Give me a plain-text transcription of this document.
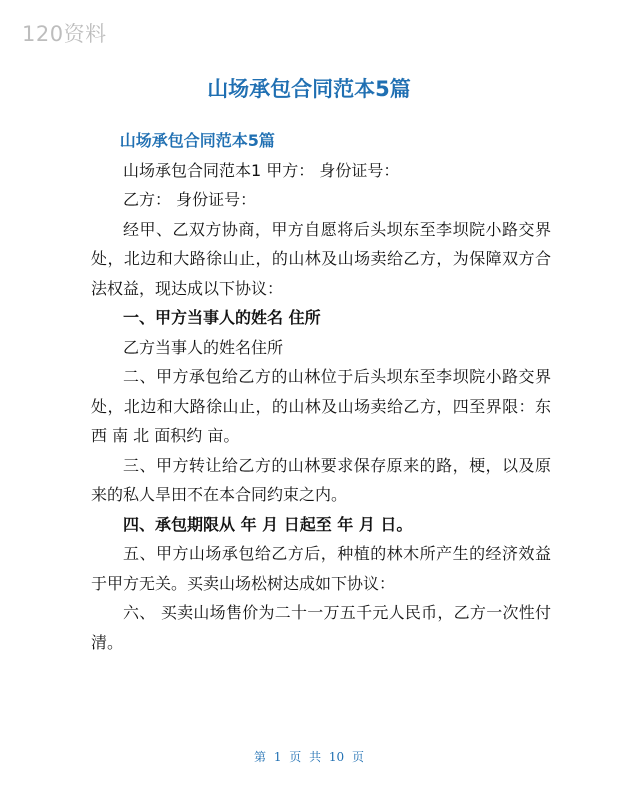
120资料
山场承包合同范本5篇

山场承包合同范本5篇

山场承包合同范本1 甲方： 身份证号：

乙方： 身份证号：

经甲、乙双方协商，甲方自愿将后头坝东至李坝院小路交界处，北边和大路徐山止，的山林及山场卖给乙方，为保障双方合法权益，现达成以下协议：

一、甲方当事人的姓名 住所

乙方当事人的姓名住所

二、甲方承包给乙方的山林位于后头坝东至李坝院小路交界处，北边和大路徐山止，的山林及山场卖给乙方，四至界限：东 西 南 北 面积约 亩。

三、甲方转让给乙方的山林要求保存原来的路，梗，以及原来的私人旱田不在本合同约束之内。

四、承包期限从 年 月 日起至 年 月 日。

五、甲方山场承包给乙方后，种植的林木所产生的经济效益于甲方无关。买卖山场松树达成如下协议：

六、 买卖山场售价为二十一万五千元人民币，乙方一次性付清。

第 1 页 共 10 页
